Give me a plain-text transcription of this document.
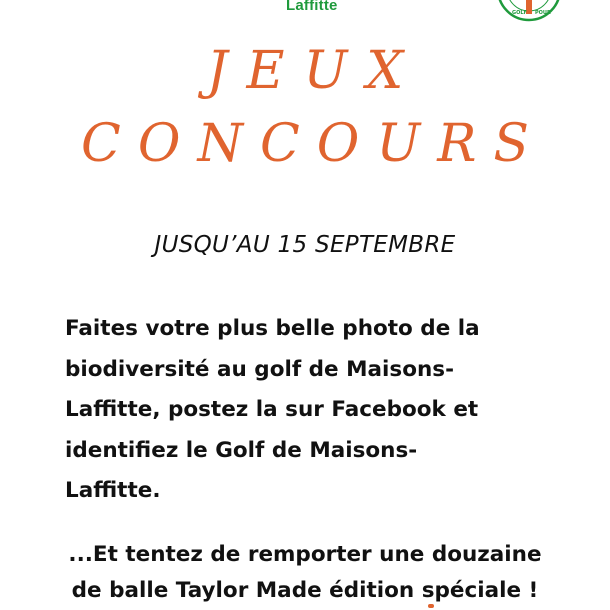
Laffitte	GOLF POUR
JEUX
CONCOURS
JUSQU’AU 15 SEPTEMBRE

Faites votre plus belle photo de la
biodiversité au golf de Maisons-
Laffitte, postez la sur Facebook et
identifiez le Golf de Maisons-
Laffitte.

...Et tentez de remporter une douzaine
de balle Taylor Made édition spéciale !
